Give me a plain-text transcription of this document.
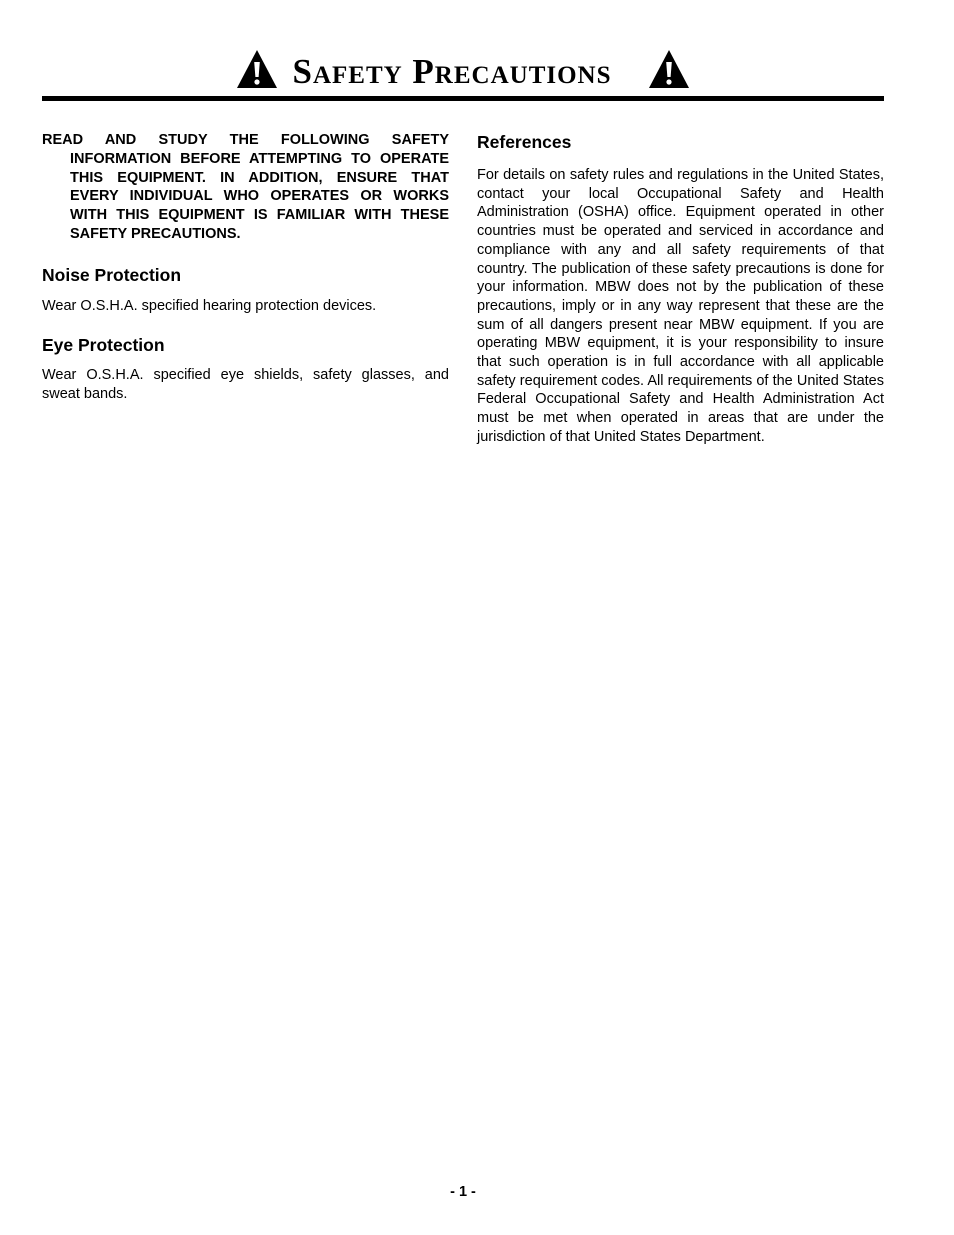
Safety Precautions

READ AND STUDY THE FOLLOWING SAFETY INFORMATION BEFORE ATTEMPTING TO OPERATE THIS EQUIPMENT. IN ADDITION, ENSURE THAT EVERY INDIVIDUAL WHO OPERATES OR WORKS WITH THIS EQUIPMENT IS FAMILIAR WITH THESE SAFETY PRECAUTIONS.

Noise Protection

Wear O.S.H.A. specified hearing protection devices.

Eye Protection

Wear O.S.H.A. specified eye shields, safety glasses, and sweat bands.

References

For details on safety rules and regulations in the United States, contact your local Occupational Safety and Health Administration (OSHA) office. Equipment operated in other countries must be operated and serviced in accordance and compliance with any and all safety requirements of that country. The publication of these safety precautions is done for your information. MBW does not by the publication of these precautions, imply or in any way represent that these are the sum of all dangers present near MBW equipment. If you are operating MBW equipment, it is your responsibility to insure that such operation is in full accordance with all applicable safety requirement codes. All requirements of the United States Federal Occupational Safety and Health Administration Act must be met when operated in areas that are under the jurisdiction of that United States Department.

- 1 -
